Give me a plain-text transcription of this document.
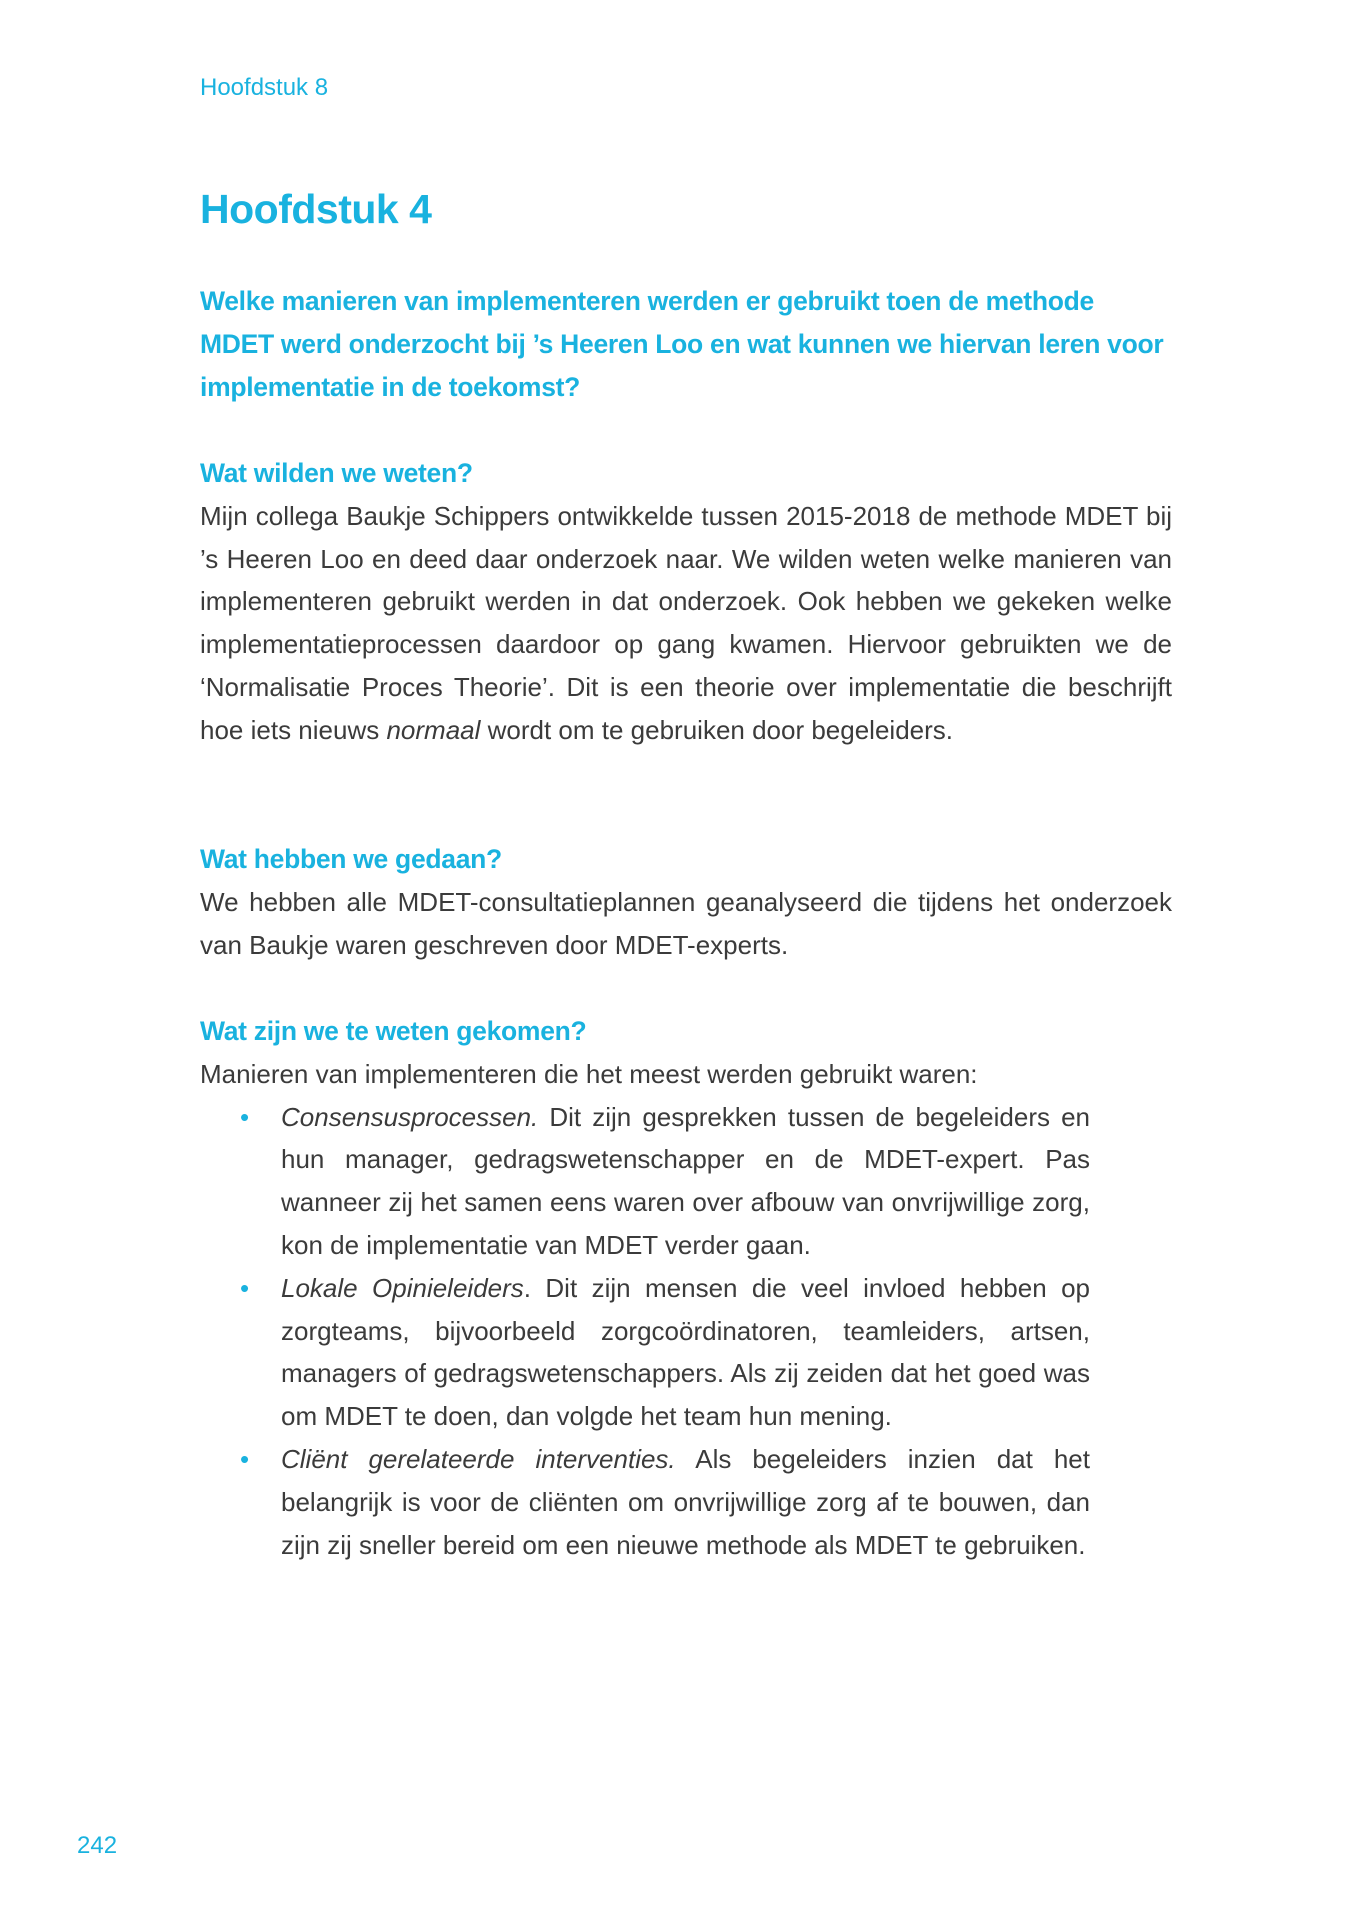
Hoofdstuk 8
Hoofdstuk 4

Welke manieren van implementeren werden er gebruikt toen de methode MDET werd onderzocht bij ’s Heeren Loo en wat kunnen we hiervan leren voor implementatie in de toekomst?

Wat wilden we weten?

Mijn collega Baukje Schippers ontwikkelde tussen 2015-2018 de methode MDET bij ’s Heeren Loo en deed daar onderzoek naar. We wilden weten welke manieren van implementeren gebruikt werden in dat onderzoek. Ook hebben we gekeken welke implementatieprocessen daardoor op gang kwamen. Hiervoor gebruikten we de ‘Normalisatie Proces Theorie’. Dit is een theorie over implementatie die beschrijft hoe iets nieuws normaal wordt om te gebruiken door begeleiders.

Wat hebben we gedaan?

We hebben alle MDET-consultatieplannen geanalyseerd die tijdens het onderzoek van Baukje waren geschreven door MDET-experts.

Wat zijn we te weten gekomen?

Manieren van implementeren die het meest werden gebruikt waren:

• Consensusprocessen. Dit zijn gesprekken tussen de begeleiders en hun manager, gedragswetenschapper en de MDET-expert. Pas wanneer zij het samen eens waren over afbouw van onvrijwillige zorg, kon de implementatie van MDET verder gaan.
• Lokale Opinieleiders. Dit zijn mensen die veel invloed hebben op zorgteams, bijvoorbeeld zorgcoördinatoren, teamleiders, artsen, managers of gedragswetenschappers. Als zij zeiden dat het goed was om MDET te doen, dan volgde het team hun mening.
• Cliënt gerelateerde interventies. Als begeleiders inzien dat het belangrijk is voor de cliënten om onvrijwillige zorg af te bouwen, dan zijn zij sneller bereid om een nieuwe methode als MDET te gebruiken.
242
